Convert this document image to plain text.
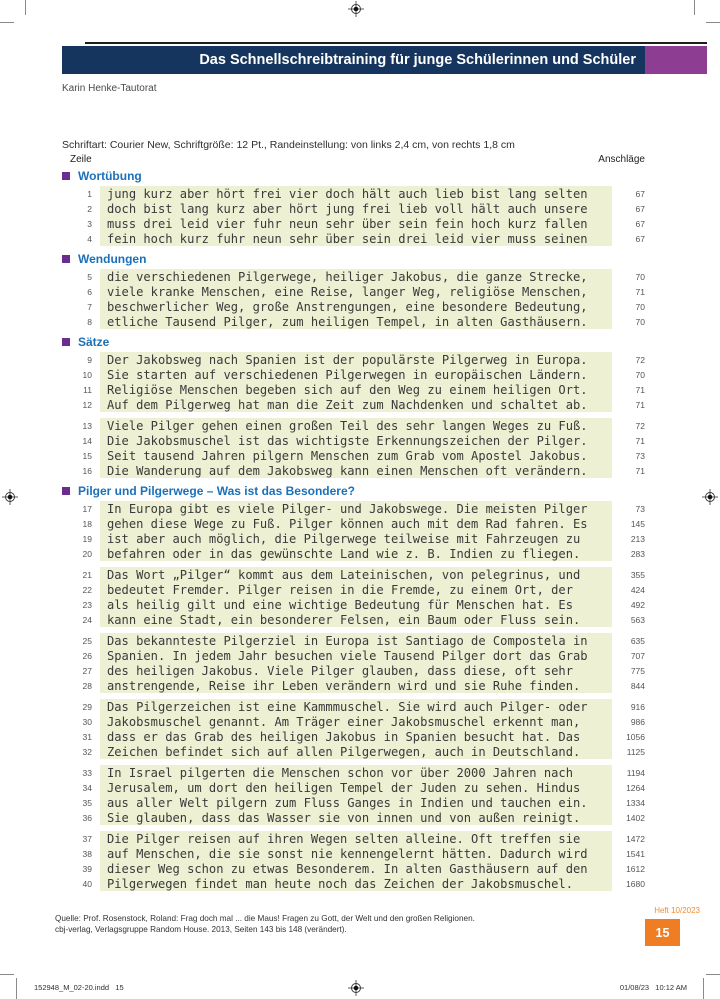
Das Schnellschreibtraining für junge Schülerinnen und Schüler
Karin Henke-Tautorat
Schriftart: Courier New, Schriftgröße: 12 Pt., Randeinstellung: von links 2,4 cm, von rechts 1,8 cm
Zeile	Anschläge
Wortübung
1	jung kurz aber hört frei vier doch hält auch lieb bist lang selten	67
2	doch bist lang kurz aber hört jung frei lieb voll hält auch unsere	67
3	muss drei leid vier fuhr neun sehr über sein fein hoch kurz fallen	67
4	fein hoch kurz fuhr neun sehr über sein drei leid vier muss seinen	67
Wendungen
5	die verschiedenen Pilgerwege, heiliger Jakobus, die ganze Strecke,	70
6	viele kranke Menschen, eine Reise, langer Weg, religiöse Menschen,	71
7	beschwerlicher Weg, große Anstrengungen, eine besondere Bedeutung,	70
8	etliche Tausend Pilger, zum heiligen Tempel, in alten Gasthäusern.	70
Sätze
9	Der Jakobsweg nach Spanien ist der populärste Pilgerweg in Europa.	72
10	Sie starten auf verschiedenen Pilgerwegen in europäischen Ländern.	70
11	Religiöse Menschen begeben sich auf den Weg zu einem heiligen Ort.	71
12	Auf dem Pilgerweg hat man die Zeit zum Nachdenken und schaltet ab.	71
13	Viele Pilger gehen einen großen Teil des sehr langen Weges zu Fuß.	72
14	Die Jakobsmuschel ist das wichtigste Erkennungszeichen der Pilger.	71
15	Seit tausend Jahren pilgern Menschen zum Grab vom Apostel Jakobus.	73
16	Die Wanderung auf dem Jakobsweg kann einen Menschen oft verändern.	71
Pilger und Pilgerwege – Was ist das Besondere?
17	In Europa gibt es viele Pilger- und Jakobswege. Die meisten Pilger	73
18	gehen diese Wege zu Fuß. Pilger können auch mit dem Rad fahren. Es	145
19	ist aber auch möglich, die Pilgerwege teilweise mit Fahrzeugen zu	213
20	befahren oder in das gewünschte Land wie z. B. Indien zu fliegen.	283
21	Das Wort „Pilger“ kommt aus dem Lateinischen, von pelegrinus, und	355
22	bedeutet Fremder. Pilger reisen in die Fremde, zu einem Ort, der	424
23	als heilig gilt und eine wichtige Bedeutung für Menschen hat. Es	492
24	kann eine Stadt, ein besonderer Felsen, ein Baum oder Fluss sein.	563
25	Das bekannteste Pilgerziel in Europa ist Santiago de Compostela in	635
26	Spanien. In jedem Jahr besuchen viele Tausend Pilger dort das Grab	707
27	des heiligen Jakobus. Viele Pilger glauben, dass diese, oft sehr	775
28	anstrengende, Reise ihr Leben verändern wird und sie Ruhe finden.	844
29	Das Pilgerzeichen ist eine Kammmuschel. Sie wird auch Pilger- oder	916
30	Jakobsmuschel genannt. Am Träger einer Jakobsmuschel erkennt man,	986
31	dass er das Grab des heiligen Jakobus in Spanien besucht hat. Das	1056
32	Zeichen befindet sich auf allen Pilgerwegen, auch in Deutschland.	1125
33	In Israel pilgerten die Menschen schon vor über 2000 Jahren nach	1194
34	Jerusalem, um dort den heiligen Tempel der Juden zu sehen. Hindus	1264
35	aus aller Welt pilgern zum Fluss Ganges in Indien und tauchen ein.	1334
36	Sie glauben, dass das Wasser sie von innen und von außen reinigt.	1402
37	Die Pilger reisen auf ihren Wegen selten alleine. Oft treffen sie	1472
38	auf Menschen, die sie sonst nie kennengelernt hätten. Dadurch wird	1541
39	dieser Weg schon zu etwas Besonderem. In alten Gasthäusern auf den	1612
40	Pilgerwegen findet man heute noch das Zeichen der Jakobsmuschel.	1680
Quelle: Prof. Rosenstock, Roland: Frag doch mal ... die Maus! Fragen zu Gott, der Welt und den großen Religionen.
cbj-verlag, Verlagsgruppe Random House. 2013, Seiten 143 bis 148 (verändert).
Heft 10/2023
15
152948_M_02-20.indd   15	01/08/23   10:12 AM
